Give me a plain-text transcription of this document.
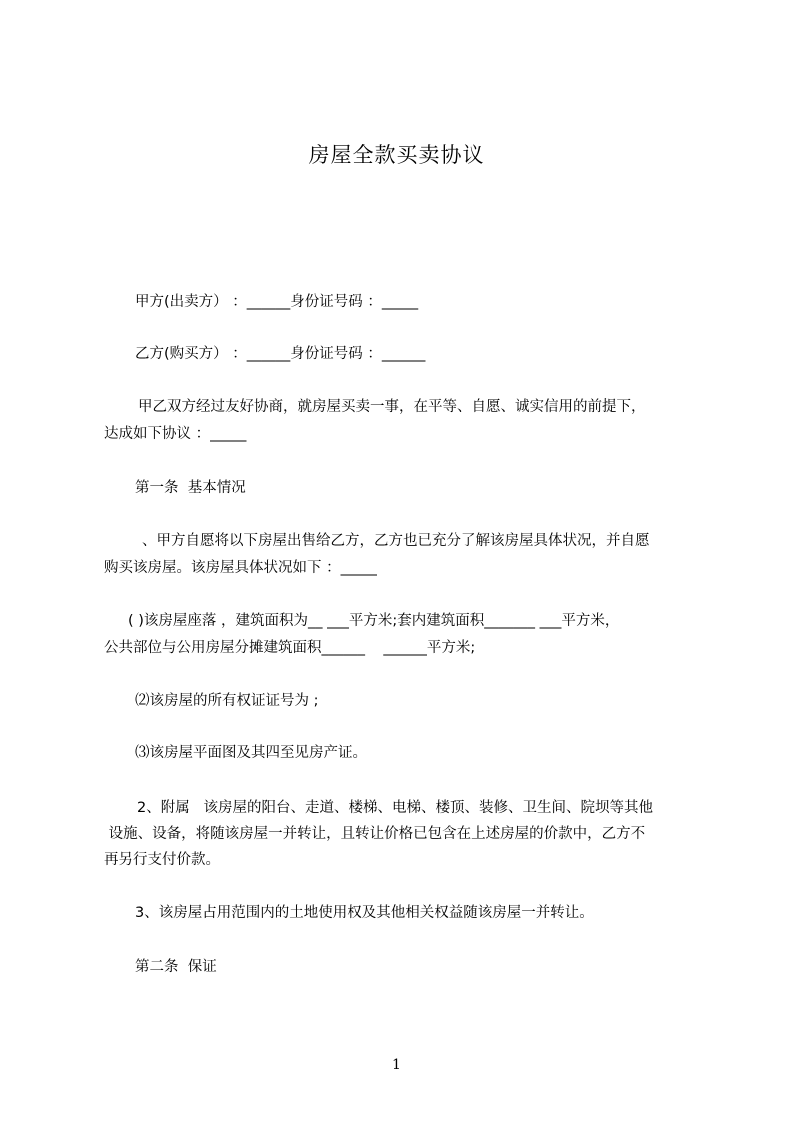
房屋全款买卖协议
甲方(出卖方） ：______身份证号码 ：_____
乙方(购买方） ：______身份证号码 ：______
甲乙双方经过友好协商，就房屋买卖一事，在平等、自愿、诚实信用的前提下，
达成如下协议 ：_____
第一条  基本情况
、甲方自愿将以下房屋出售给乙方，乙方也已充分了解该房屋具体状况，并自愿
购买该房屋。该房屋具体状况如下 ：_____
( )该房屋座落 ，建筑面积为__ ___平方米;套内建筑面积_______ ___平方米，
公共部位与公用房屋分摊建筑面积______    ______平方米;
⑵该房屋的所有权证证号为 ;
⑶该房屋平面图及其四至见房产证。
2、附属   该房屋的阳台、走道、楼梯、电梯、楼顶、装修、卫生间、院坝等其他
设施、设备，将随该房屋一并转让，且转让价格已包含在上述房屋的价款中，乙方不
再另行支付价款。
3、该房屋占用范围内的土地使用权及其他相关权益随该房屋一并转让。
第二条  保证
1
